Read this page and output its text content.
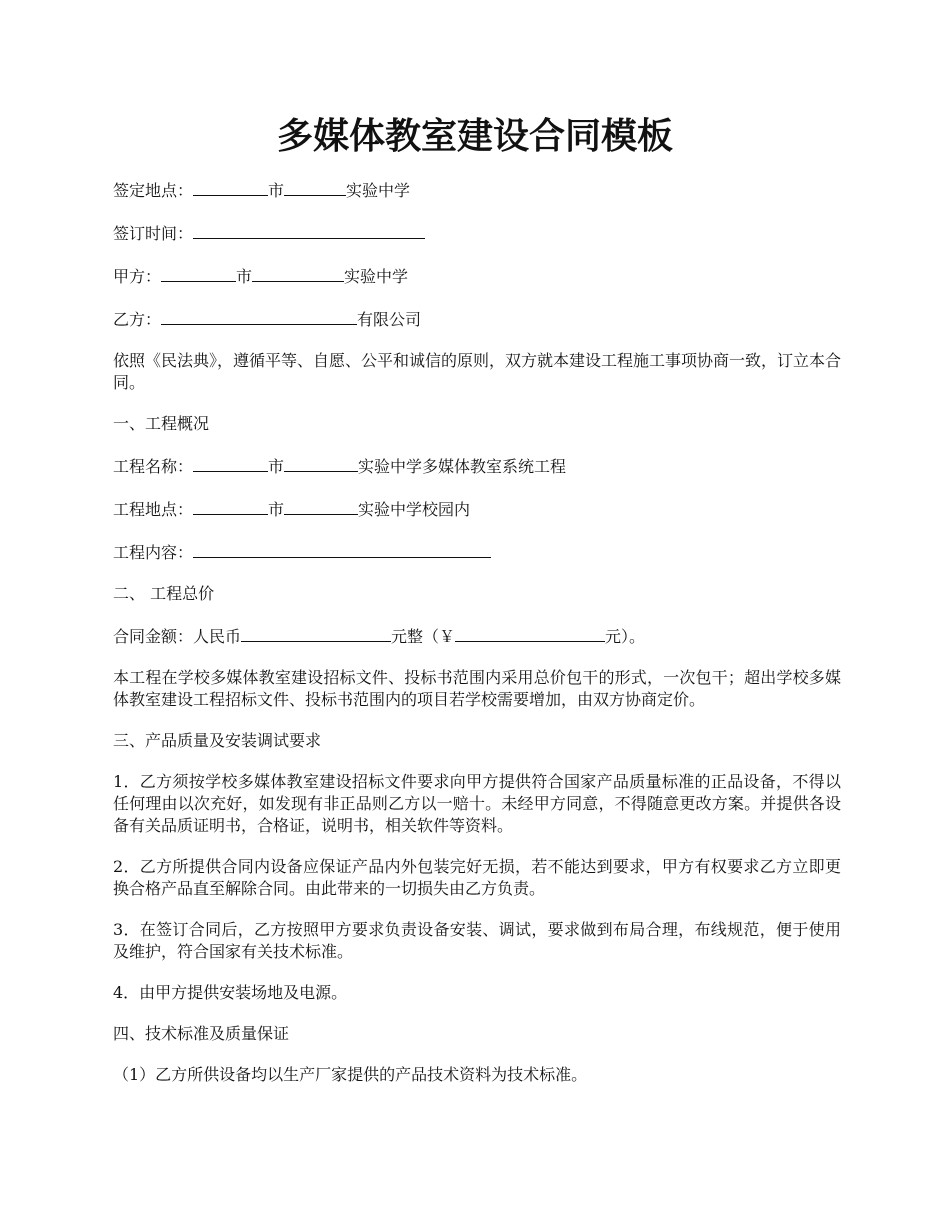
多媒体教室建设合同模板

签定地点：	市	实验中学

签订时间：

甲方：	市	实验中学

乙方：	有限公司

依照《民法典》，遵循平等、自愿、公平和诚信的原则，双方就本建设工程施工事项协商一致，订立本合同。

一、工程概况

工程名称：	市	实验中学多媒体教室系统工程

工程地点：	市	实验中学校园内

工程内容：

二、 工程总价

合同金额：人民币	元整（￥	元）。

本工程在学校多媒体教室建设招标文件、投标书范围内采用总价包干的形式，一次包干；超出学校多媒体教室建设工程招标文件、投标书范围内的项目若学校需要增加，由双方协商定价。

三、产品质量及安装调试要求

1．乙方须按学校多媒体教室建设招标文件要求向甲方提供符合国家产品质量标准的正品设备，不得以任何理由以次充好，如发现有非正品则乙方以一赔十。未经甲方同意，不得随意更改方案。并提供各设备有关品质证明书，合格证，说明书，相关软件等资料。

2．乙方所提供合同内设备应保证产品内外包装完好无损，若不能达到要求，甲方有权要求乙方立即更换合格产品直至解除合同。由此带来的一切损失由乙方负责。

3．在签订合同后，乙方按照甲方要求负责设备安装、调试，要求做到布局合理，布线规范，便于使用及维护，符合国家有关技术标准。

4．由甲方提供安装场地及电源。

四、技术标准及质量保证

（1）乙方所供设备均以生产厂家提供的产品技术资料为技术标准。
